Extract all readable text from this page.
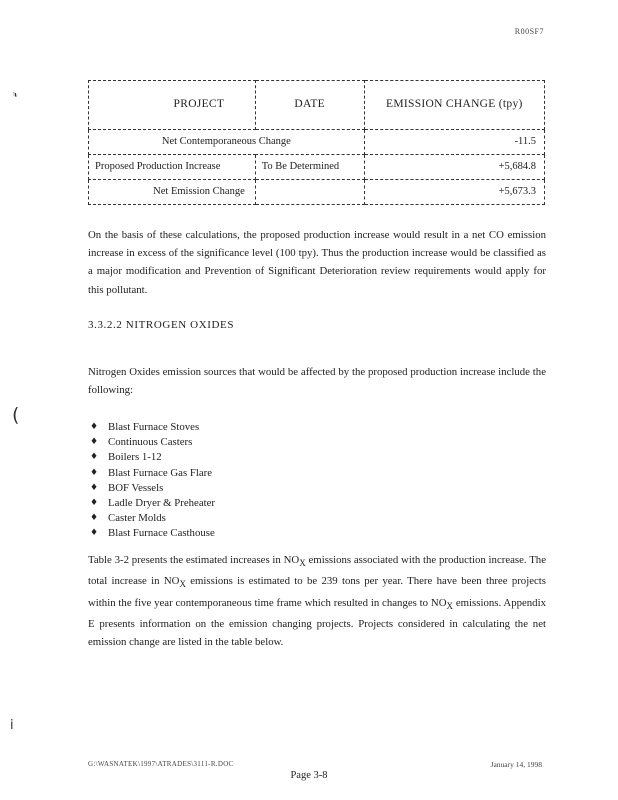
R00SF7
𝓇
(
i
PROJECT	DATE	EMISSION CHANGE (tpy)
Net Contemporaneous Change		-11.5
Proposed Production Increase	To Be Determined	+5,684.8
Net Emission Change		+5,673.3

On the basis of these calculations, the proposed production increase would result in a net CO emission increase in excess of the significance level (100 tpy). Thus the production increase would be classified as a major modification and Prevention of Significant Deterioration review requirements would apply for this pollutant.

3.3.2.2 NITROGEN OXIDES

Nitrogen Oxides emission sources that would be affected by the proposed production increase include the following:

♦ Blast Furnace Stoves
♦ Continuous Casters
♦ Boilers 1-12
♦ Blast Furnace Gas Flare
♦ BOF Vessels
♦ Ladle Dryer & Preheater
♦ Caster Molds
♦ Blast Furnace Casthouse

Table 3-2 presents the estimated increases in $NO_X$ emissions associated with the production increase. The total increase in $NO_X$ emissions is estimated to be 239 tons per year. There have been three projects within the five year contemporaneous time frame which resulted in changes to $NO_X$ emissions. Appendix E presents information on the emission changing projects. Projects considered in calculating the net emission change are listed in the table below.

G:\WASNATEK\1997\ATRADES\3111-R.DOC	January 14, 1998
Page 3-8
